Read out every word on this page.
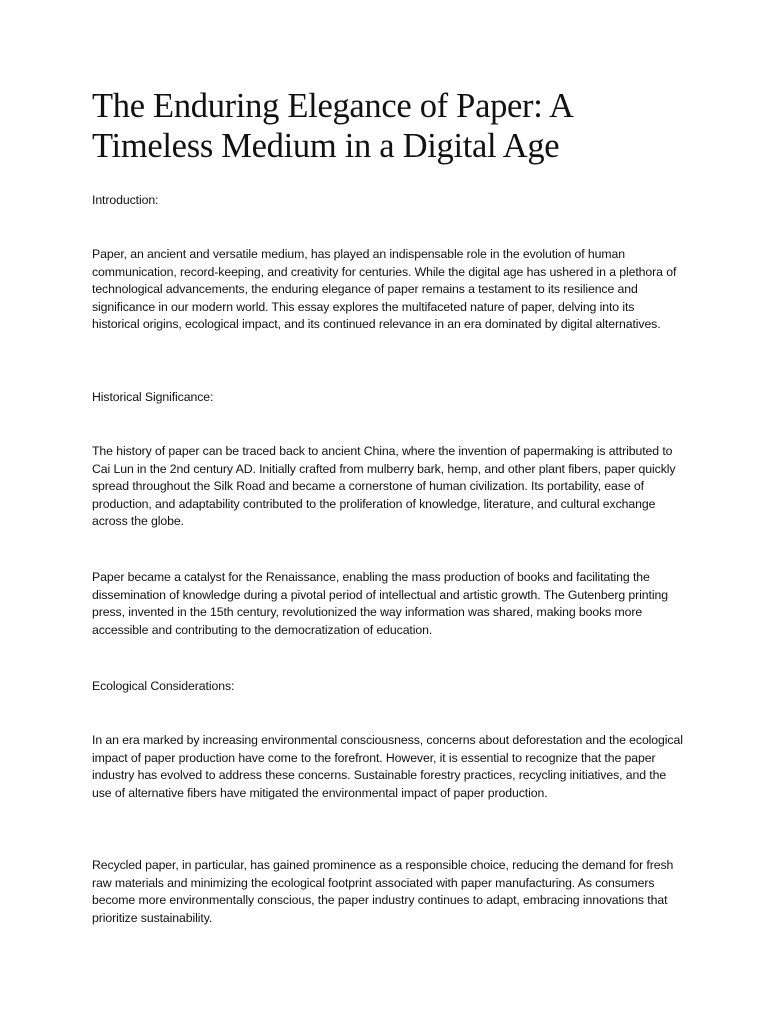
The Enduring Elegance of Paper: A Timeless Medium in a Digital Age

Introduction:

Paper, an ancient and versatile medium, has played an indispensable role in the evolution of human communication, record-keeping, and creativity for centuries. While the digital age has ushered in a plethora of technological advancements, the enduring elegance of paper remains a testament to its resilience and significance in our modern world. This essay explores the multifaceted nature of paper, delving into its historical origins, ecological impact, and its continued relevance in an era dominated by digital alternatives.

Historical Significance:

The history of paper can be traced back to ancient China, where the invention of papermaking is attributed to Cai Lun in the 2nd century AD. Initially crafted from mulberry bark, hemp, and other plant fibers, paper quickly spread throughout the Silk Road and became a cornerstone of human civilization. Its portability, ease of production, and adaptability contributed to the proliferation of knowledge, literature, and cultural exchange across the globe.

Paper became a catalyst for the Renaissance, enabling the mass production of books and facilitating the dissemination of knowledge during a pivotal period of intellectual and artistic growth. The Gutenberg printing press, invented in the 15th century, revolutionized the way information was shared, making books more accessible and contributing to the democratization of education.

Ecological Considerations:

In an era marked by increasing environmental consciousness, concerns about deforestation and the ecological impact of paper production have come to the forefront. However, it is essential to recognize that the paper industry has evolved to address these concerns. Sustainable forestry practices, recycling initiatives, and the use of alternative fibers have mitigated the environmental impact of paper production.

Recycled paper, in particular, has gained prominence as a responsible choice, reducing the demand for fresh raw materials and minimizing the ecological footprint associated with paper manufacturing. As consumers become more environmentally conscious, the paper industry continues to adapt, embracing innovations that prioritize sustainability.
